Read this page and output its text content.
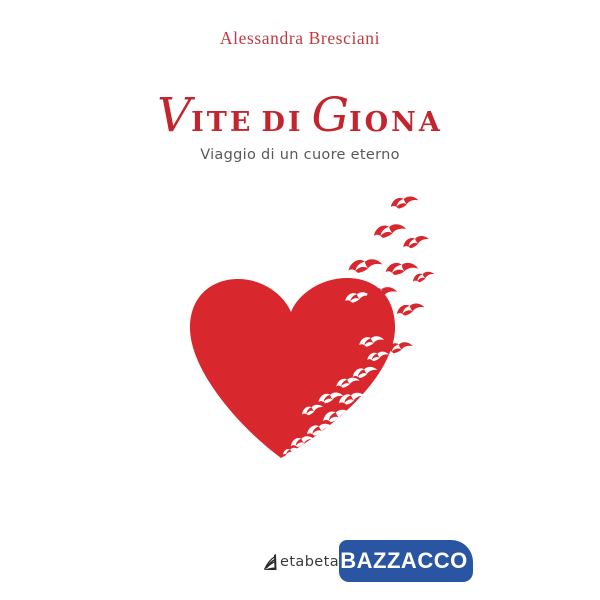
Alessandra Bresciani
VITE DI GIONA
Viaggio di un cuore eterno
etabeta BAZZACCO
